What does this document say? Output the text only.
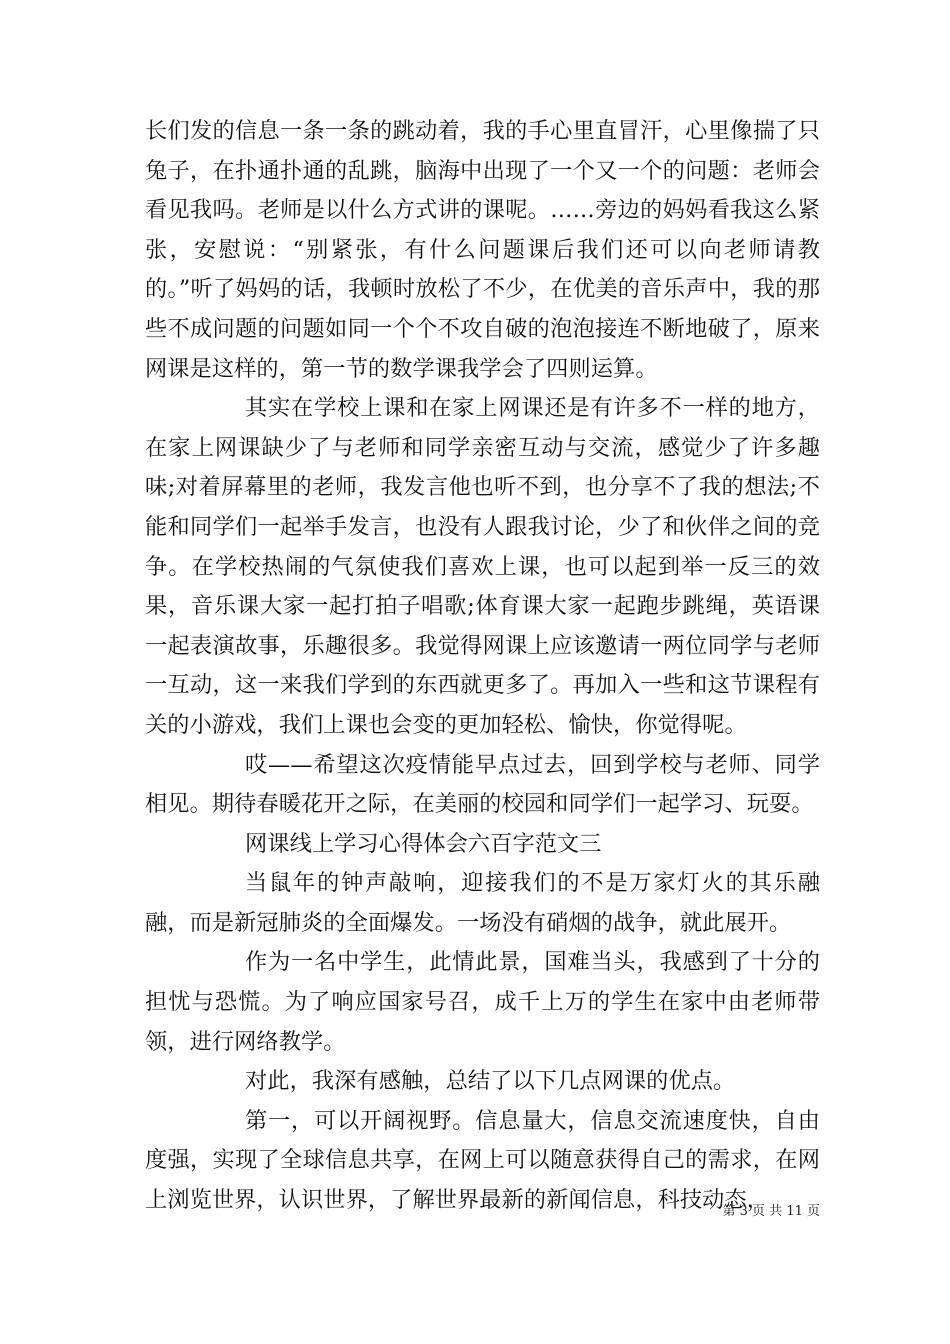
长们发的信息一条一条的跳动着，我的手心里直冒汗，心里像揣了只兔子，在扑通扑通的乱跳，脑海中出现了一个又一个的问题：老师会看见我吗。老师是以什么方式讲的课呢。……旁边的妈妈看我这么紧张，安慰说：“别紧张，有什么问题课后我们还可以向老师请教的。”听了妈妈的话，我顿时放松了不少，在优美的音乐声中，我的那些不成问题的问题如同一个个不攻自破的泡泡接连不断地破了，原来网课是这样的，第一节的数学课我学会了四则运算。

其实在学校上课和在家上网课还是有许多不一样的地方，在家上网课缺少了与老师和同学亲密互动与交流，感觉少了许多趣味;对着屏幕里的老师，我发言他也听不到，也分享不了我的想法;不能和同学们一起举手发言，也没有人跟我讨论，少了和伙伴之间的竞争。在学校热闹的气氛使我们喜欢上课，也可以起到举一反三的效果，音乐课大家一起打拍子唱歌;体育课大家一起跑步跳绳，英语课一起表演故事，乐趣很多。我觉得网课上应该邀请一两位同学与老师一互动，这一来我们学到的东西就更多了。再加入一些和这节课程有关的小游戏，我们上课也会变的更加轻松、愉快，你觉得呢。

哎——希望这次疫情能早点过去，回到学校与老师、同学相见。期待春暖花开之际，在美丽的校园和同学们一起学习、玩耍。

网课线上学习心得体会六百字范文三

当鼠年的钟声敲响，迎接我们的不是万家灯火的其乐融融，而是新冠肺炎的全面爆发。一场没有硝烟的战争，就此展开。

作为一名中学生，此情此景，国难当头，我感到了十分的担忧与恐慌。为了响应国家号召，成千上万的学生在家中由老师带领，进行网络教学。

对此，我深有感触，总结了以下几点网课的优点。

第一，可以开阔视野。信息量大，信息交流速度快，自由度强，实现了全球信息共享，在网上可以随意获得自己的需求，在网上浏览世界，认识世界，了解世界最新的新闻信息，科技动态，

第 3 页 共 11 页
